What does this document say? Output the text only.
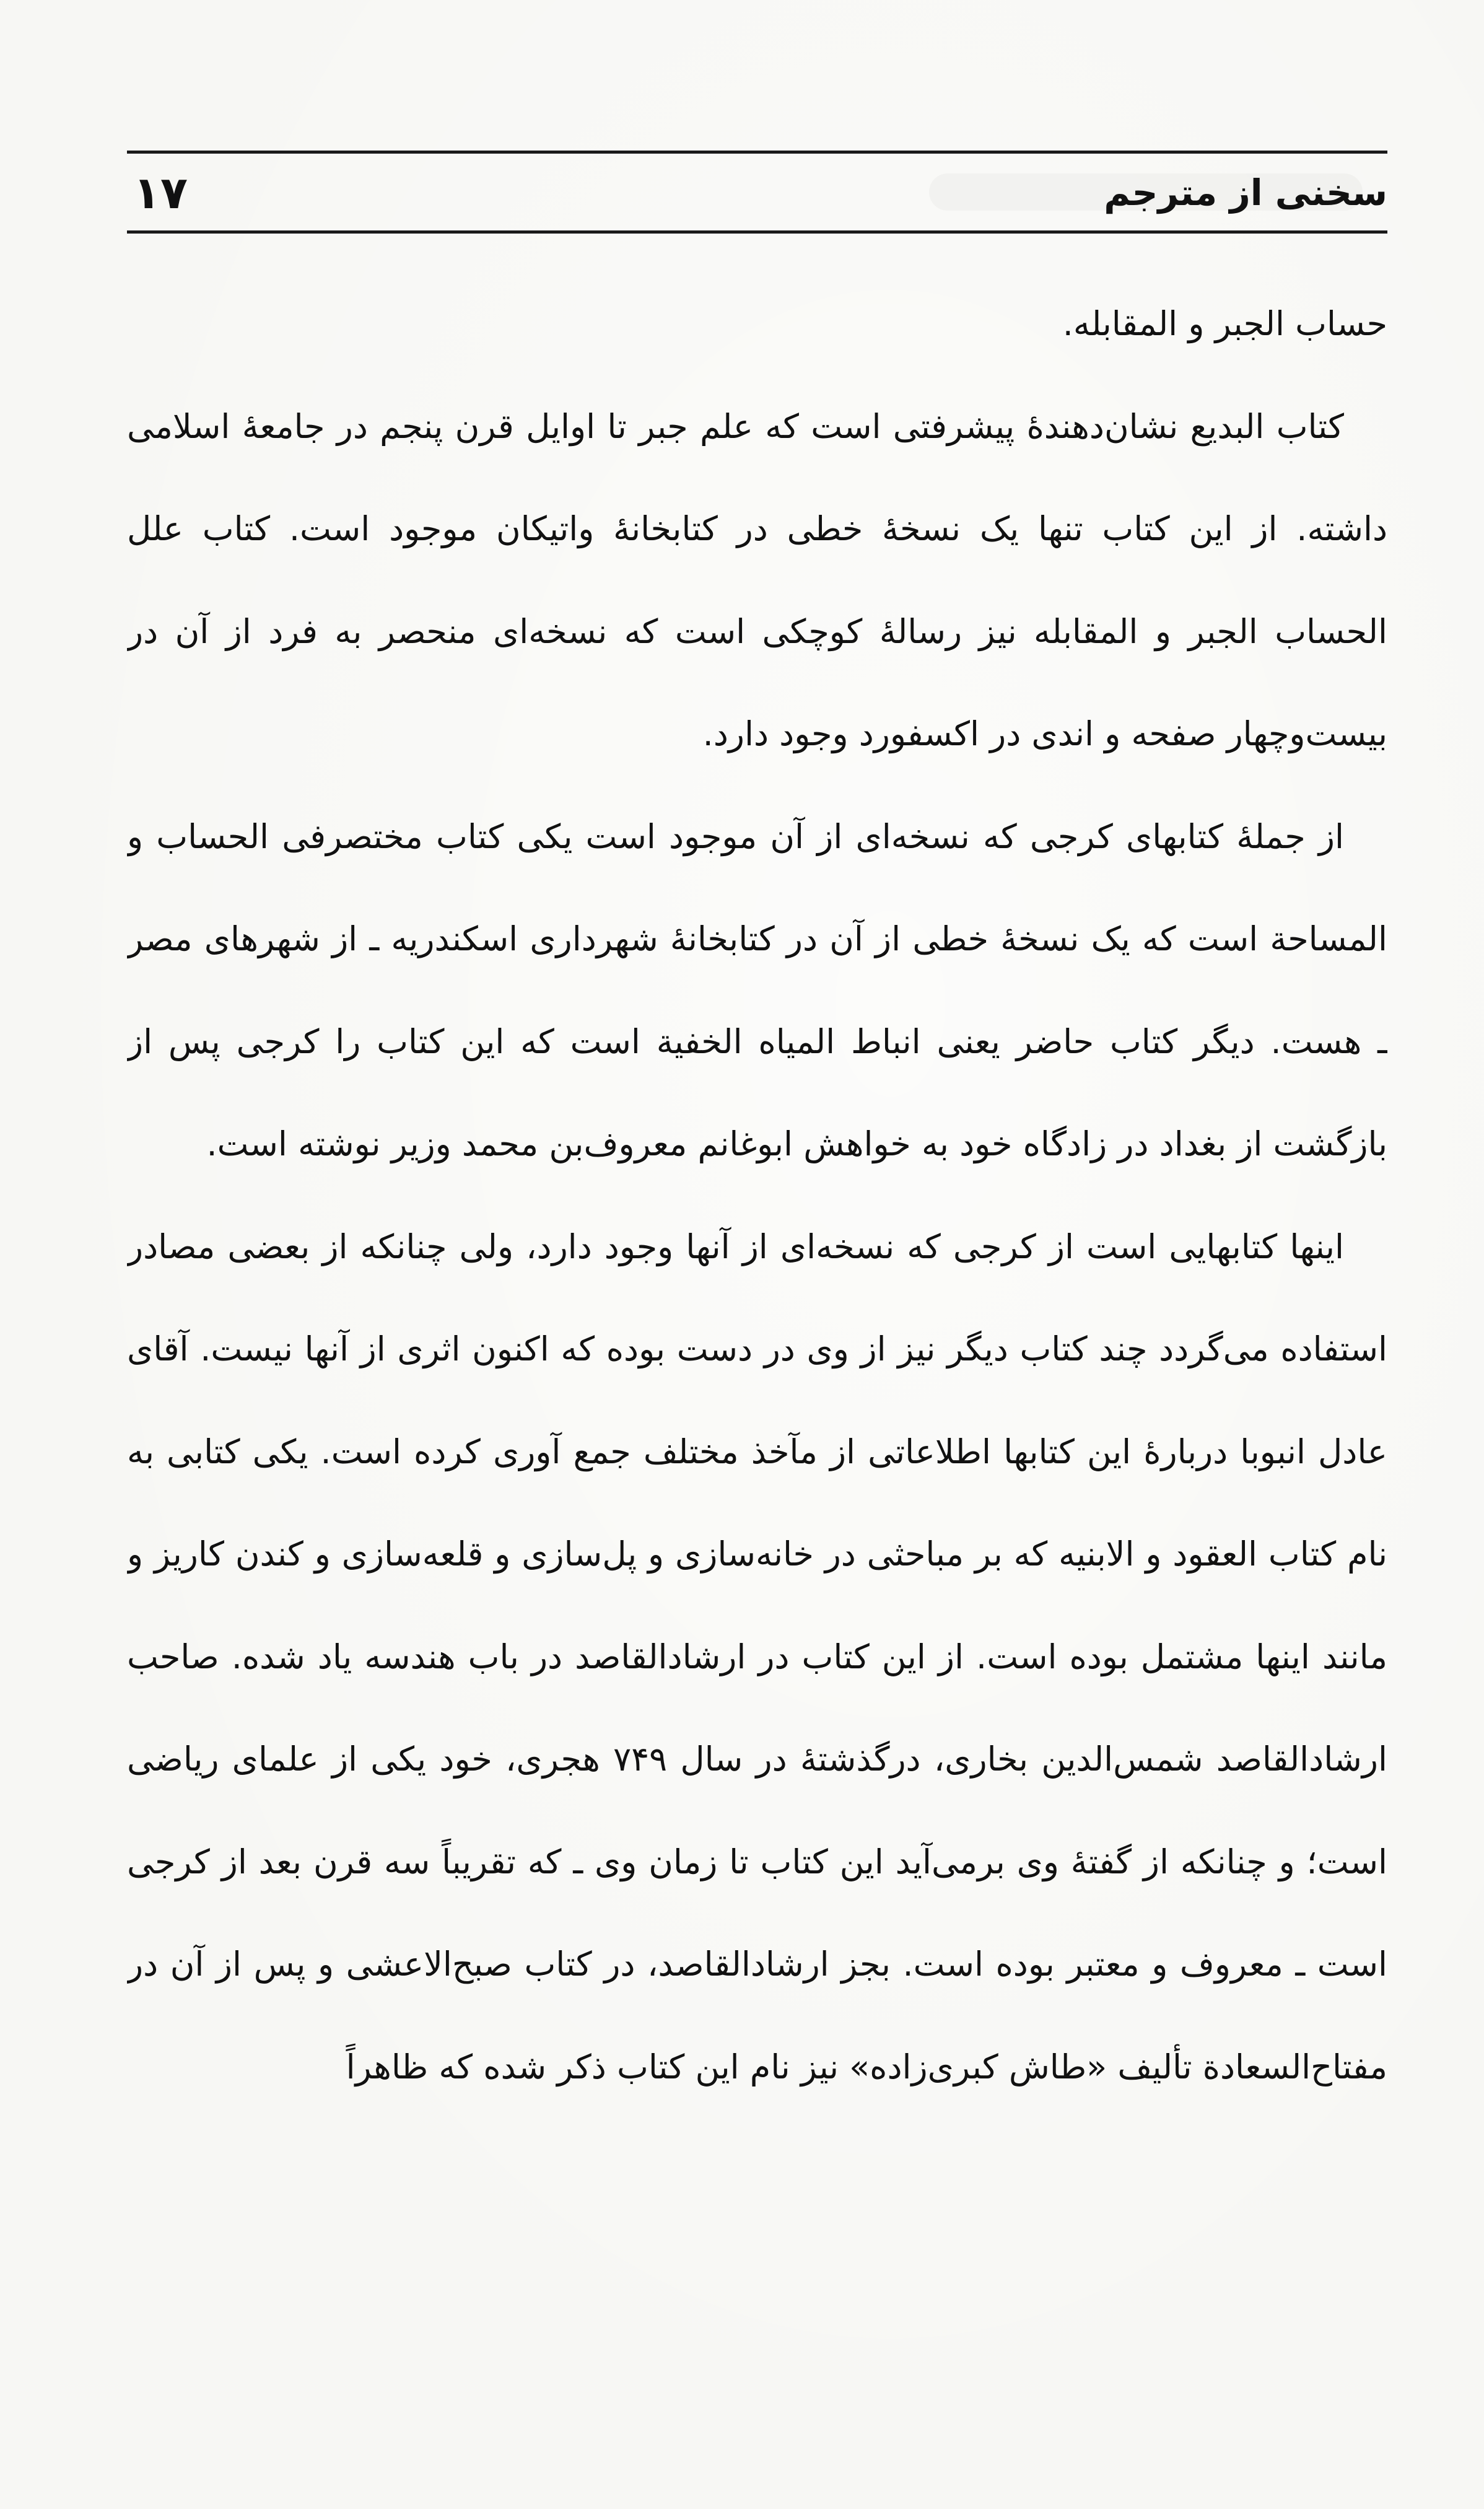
سخنی از مترجم
۱۷

حساب الجبر و المقابله.

کتاب البدیع نشان‌دهندهٔ پیشرفتی است که علم جبر تا اوایل قرن پنجم در جامعهٔ اسلامی داشته. از این کتاب تنها یک نسخهٔ خطی در کتابخانهٔ واتیکان موجود است. کتاب علل الحساب الجبر و المقابله نیز رسالهٔ کوچکی است که نسخه‌ای منحصر به فرد از آن در بیست‌وچهار صفحه و اندی در اکسفورد وجود دارد.

از جملهٔ کتابهای کرجی که نسخه‌ای از آن موجود است یکی کتاب مختصرفی الحساب و المساحة است که یک نسخهٔ خطی از آن در کتابخانهٔ شهرداری اسکندریه ـ از شهرهای مصر ـ هست. دیگر کتاب حاضر یعنی انباط المیاه الخفیة است که این کتاب را کرجی پس از بازگشت از بغداد در زادگاه خود به خواهش ابوغانم معروف‌بن محمد وزیر نوشته است.

اینها کتابهایی است از کرجی که نسخه‌ای از آنها وجود دارد، ولی چنانکه از بعضی مصادر استفاده می‌گردد چند کتاب دیگر نیز از وی در دست بوده که اکنون اثری از آنها نیست. آقای عادل انبوبا دربارهٔ این کتابها اطلاعاتی از مآخذ مختلف جمع آوری کرده است. یکی کتابی به نام کتاب العقود و الابنیه که بر مباحثی در خانه‌سازی و پل‌سازی و قلعه‌سازی و کندن کاریز و مانند اینها مشتمل بوده است. از این کتاب در ارشادالقاصد در باب هندسه یاد شده. صاحب ارشادالقاصد شمس‌الدین بخاری، درگذشتهٔ در سال ۷۴۹ هجری، خود یکی از علمای ریاضی است؛ و چنانکه از گفتهٔ وی برمی‌آید این کتاب تا زمان وی ـ که تقریباً سه قرن بعد از کرجی است ـ معروف و معتبر بوده است. بجز ارشادالقاصد، در کتاب صبح‌الاعشی و پس از آن در مفتاح‌السعادة تألیف «طاش کبری‌زاده» نیز نام این کتاب ذکر شده که ظاهراً
